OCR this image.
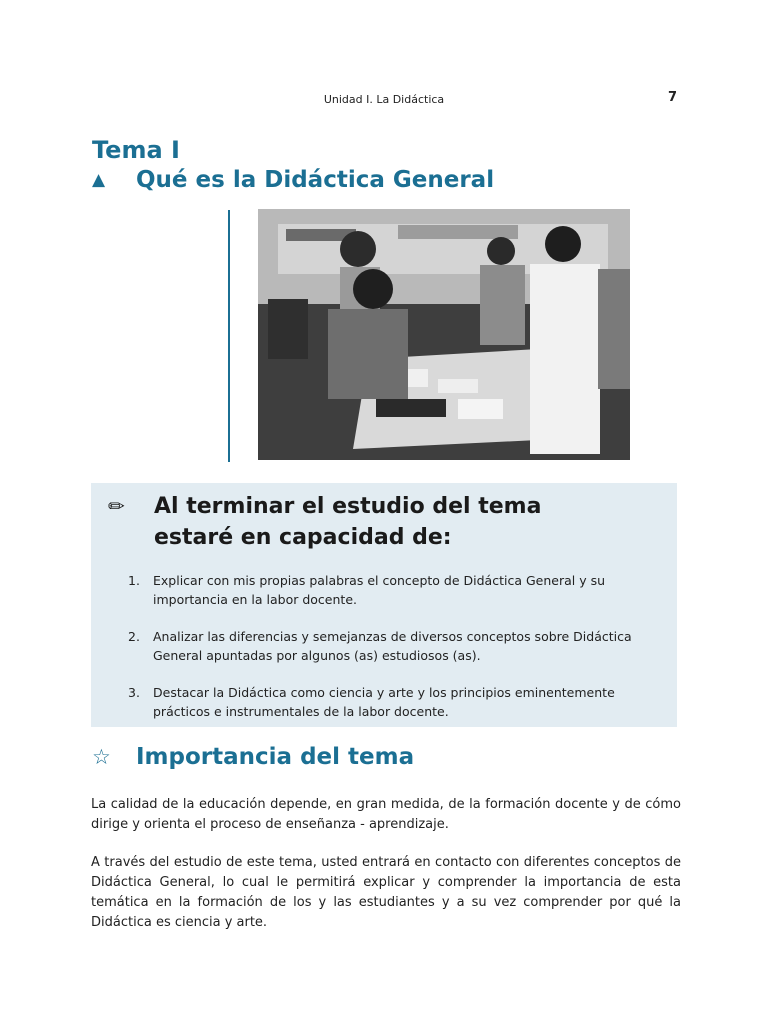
Unidad I. La Didáctica	7
Tema I
▲	Qué es la Didáctica General
✏	Al terminar el estudio del tema
estaré en capacidad de:
1.	Explicar con mis propias palabras el concepto de Didáctica General y su importancia en la labor docente.
2.	Analizar las diferencias y semejanzas de diversos conceptos sobre Didáctica General apuntadas por algunos (as) estudiosos (as).
3.	Destacar la Didáctica como ciencia y arte y los principios eminentemente prácticos e instrumentales de la labor docente.
☆	Importancia del tema
La calidad de la educación depende, en gran medida, de la formación docente y de cómo dirige y orienta el proceso de enseñanza - aprendizaje.
A través del estudio de este tema, usted entrará en contacto con diferentes conceptos de Didáctica General, lo cual le permitirá explicar y comprender la importancia de esta temática en la formación de los y las estudiantes y a su vez comprender por qué la Didáctica es ciencia y arte.
